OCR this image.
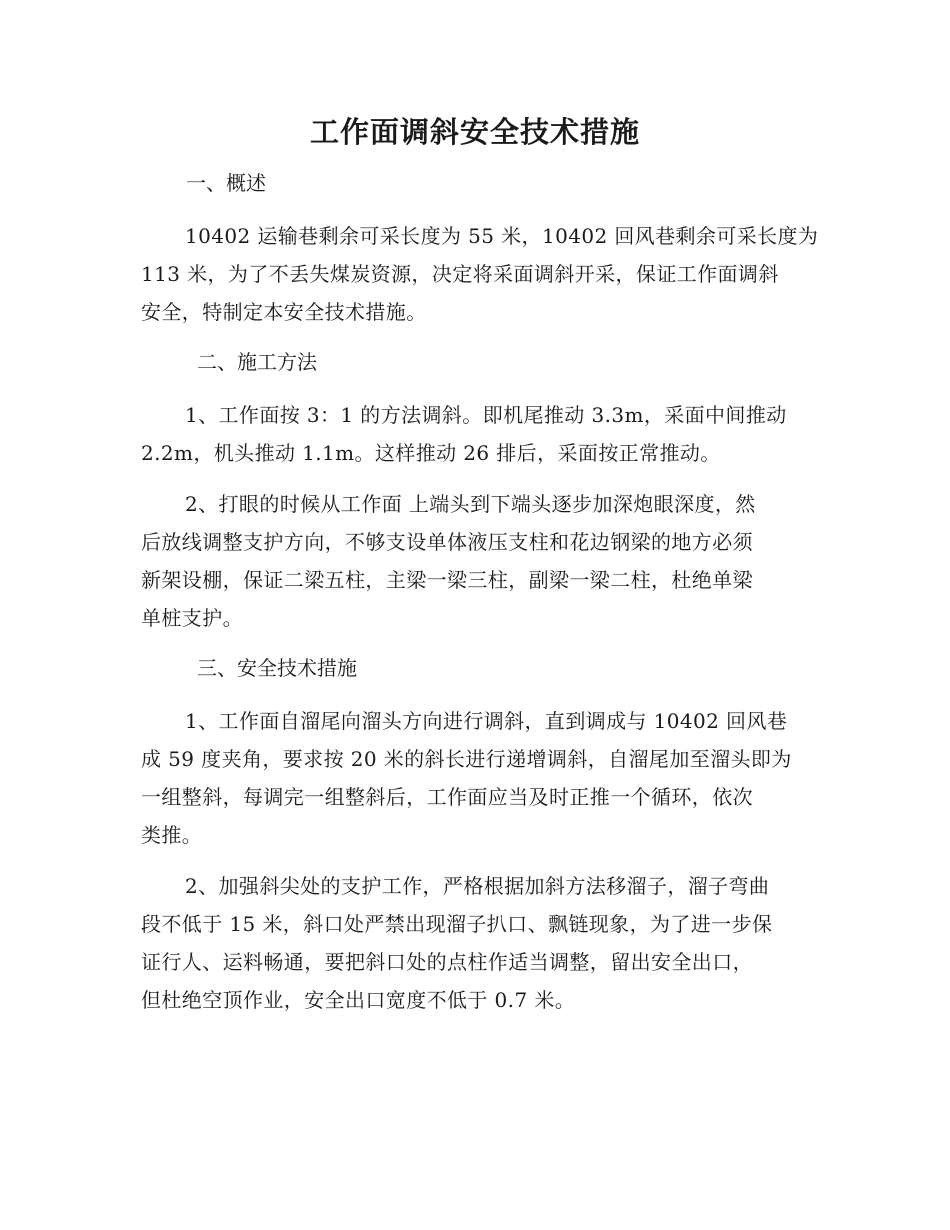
工作面调斜安全技术措施
一、概述

10402 运输巷剩余可采长度为 55 米，10402 回风巷剩余可采长度为
113 米，为了不丢失煤炭资源，决定将采面调斜开采，保证工作面调斜
安全，特制定本安全技术措施。

二、施工方法

1、工作面按 3：1 的方法调斜。即机尾推动 3.3m，采面中间推动
2.2m，机头推动 1.1m。这样推动 26 排后，采面按正常推动。

2、打眼的时候从工作面 上端头到下端头逐步加深炮眼深度，然
后放线调整支护方向，不够支设单体液压支柱和花边钢梁的地方必须
新架设棚，保证二梁五柱，主梁一梁三柱，副梁一梁二柱，杜绝单梁
单桩支护。

三、安全技术措施

1、工作面自溜尾向溜头方向进行调斜，直到调成与 10402 回风巷
成 59 度夹角，要求按 20 米的斜长进行递增调斜，自溜尾加至溜头即为
一组整斜，每调完一组整斜后，工作面应当及时正推一个循环，依次
类推。

2、加强斜尖处的支护工作，严格根据加斜方法移溜子，溜子弯曲
段不低于 15 米，斜口处严禁出现溜子扒口、飘链现象，为了进一步保
证行人、运料畅通，要把斜口处的点柱作适当调整，留出安全出口，
但杜绝空顶作业，安全出口宽度不低于 0.7 米。
